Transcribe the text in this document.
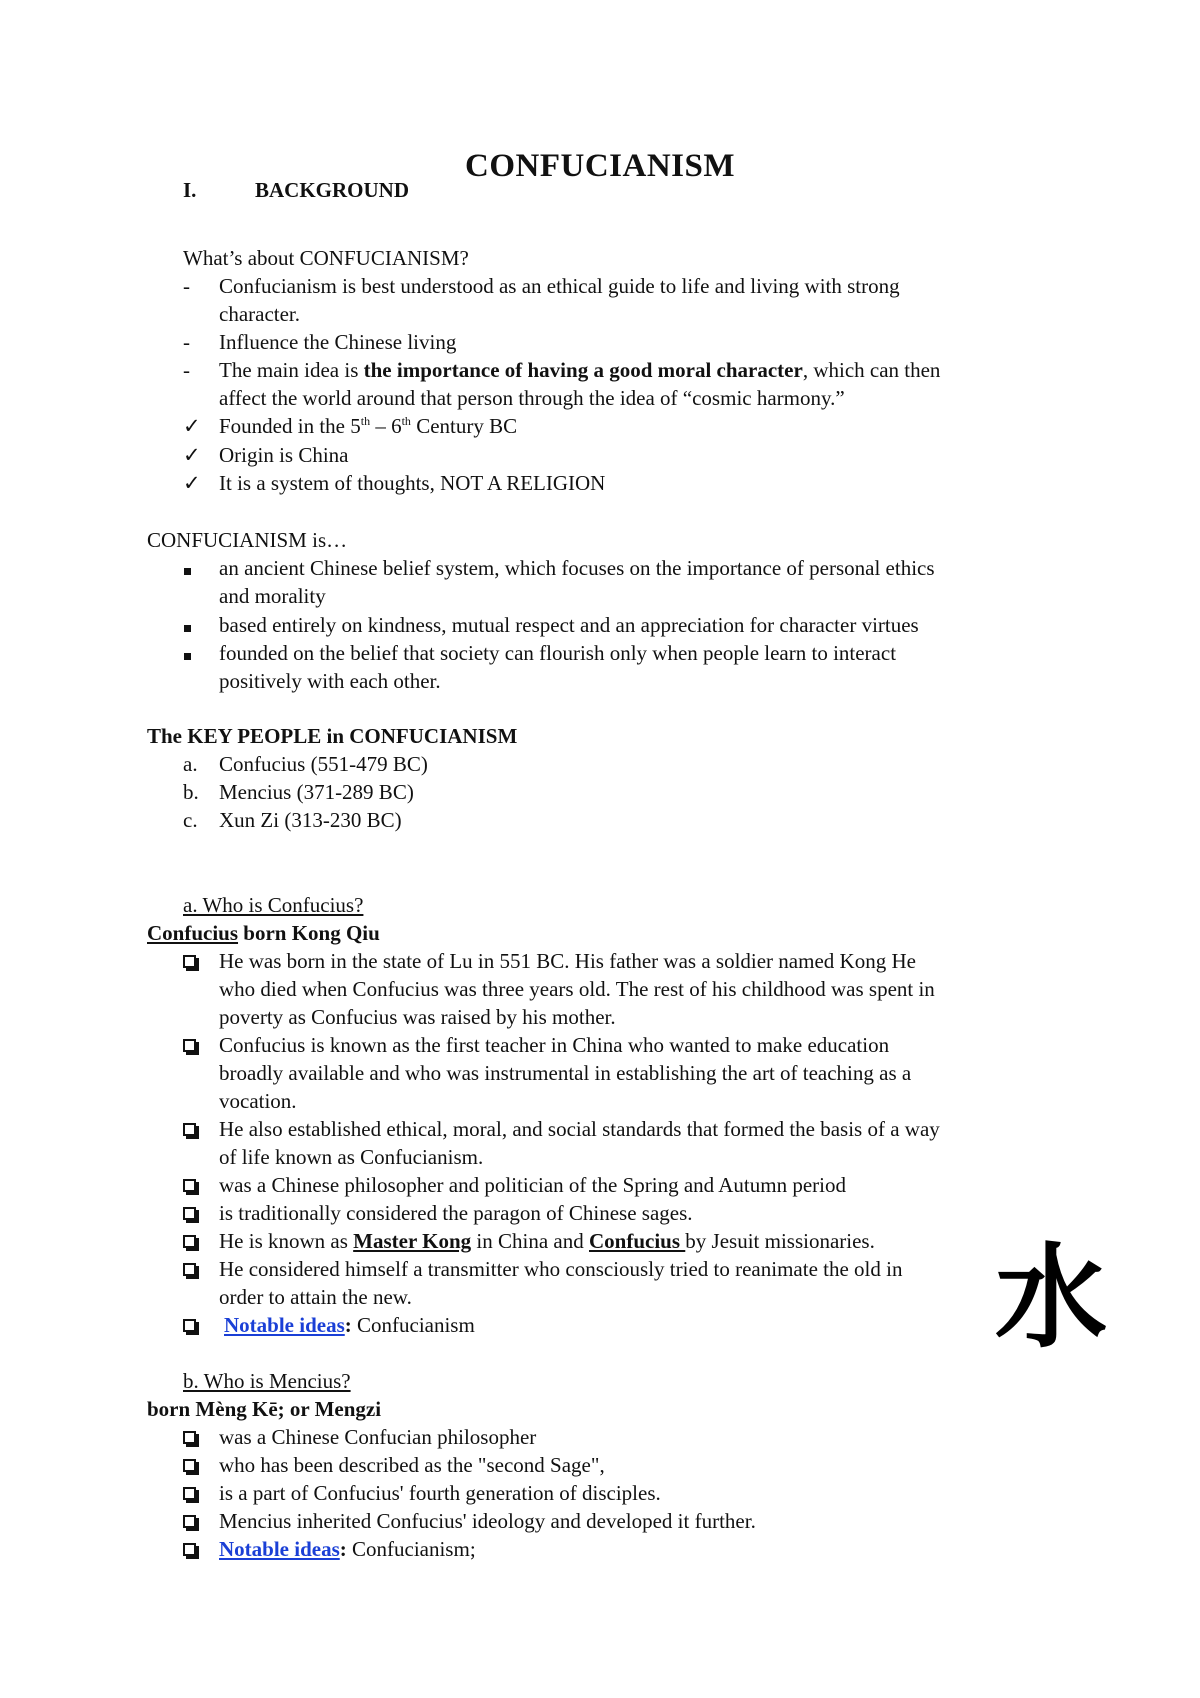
CONFUCIANISM
I.	BACKGROUND
What’s about CONFUCIANISM?
-	Confucianism is best understood as an ethical guide to life and living with strong
character.
-	Influence the Chinese living
-	The main idea is the importance of having a good moral character, which can then
affect the world around that person through the idea of “cosmic harmony.”
✓ Founded in the 5th – 6th Century BC
✓ Origin is China
✓ It is a system of thoughts, NOT A RELIGION
CONFUCIANISM is…
an ancient Chinese belief system, which focuses on the importance of personal ethics
and morality
based entirely on kindness, mutual respect and an appreciation for character virtues
founded on the belief that society can flourish only when people learn to interact
positively with each other.
The KEY PEOPLE in CONFUCIANISM
a. Confucius (551-479 BC)
b. Mencius (371-289 BC)
c. Xun Zi (313-230 BC)
a. Who is Confucius?
Confucius born Kong Qiu
He was born in the state of Lu in 551 BC. His father was a soldier named Kong He
who died when Confucius was three years old. The rest of his childhood was spent in
poverty as Confucius was raised by his mother.
Confucius is known as the first teacher in China who wanted to make education
broadly available and who was instrumental in establishing the art of teaching as a
vocation.
He also established ethical, moral, and social standards that formed the basis of a way
of life known as Confucianism.
was a Chinese philosopher and politician of the Spring and Autumn period
is traditionally considered the paragon of Chinese sages.
He is known as Master Kong in China and Confucius by Jesuit missionaries.
He considered himself a transmitter who consciously tried to reanimate the old in
order to attain the new.
Notable ideas: Confucianism
b. Who is Mencius?
born Mèng Kē; or Mengzi
was a Chinese Confucian philosopher
who has been described as the "second Sage",
is a part of Confucius' fourth generation of disciples.
Mencius inherited Confucius' ideology and developed it further.
Notable ideas: Confucianism;
水
